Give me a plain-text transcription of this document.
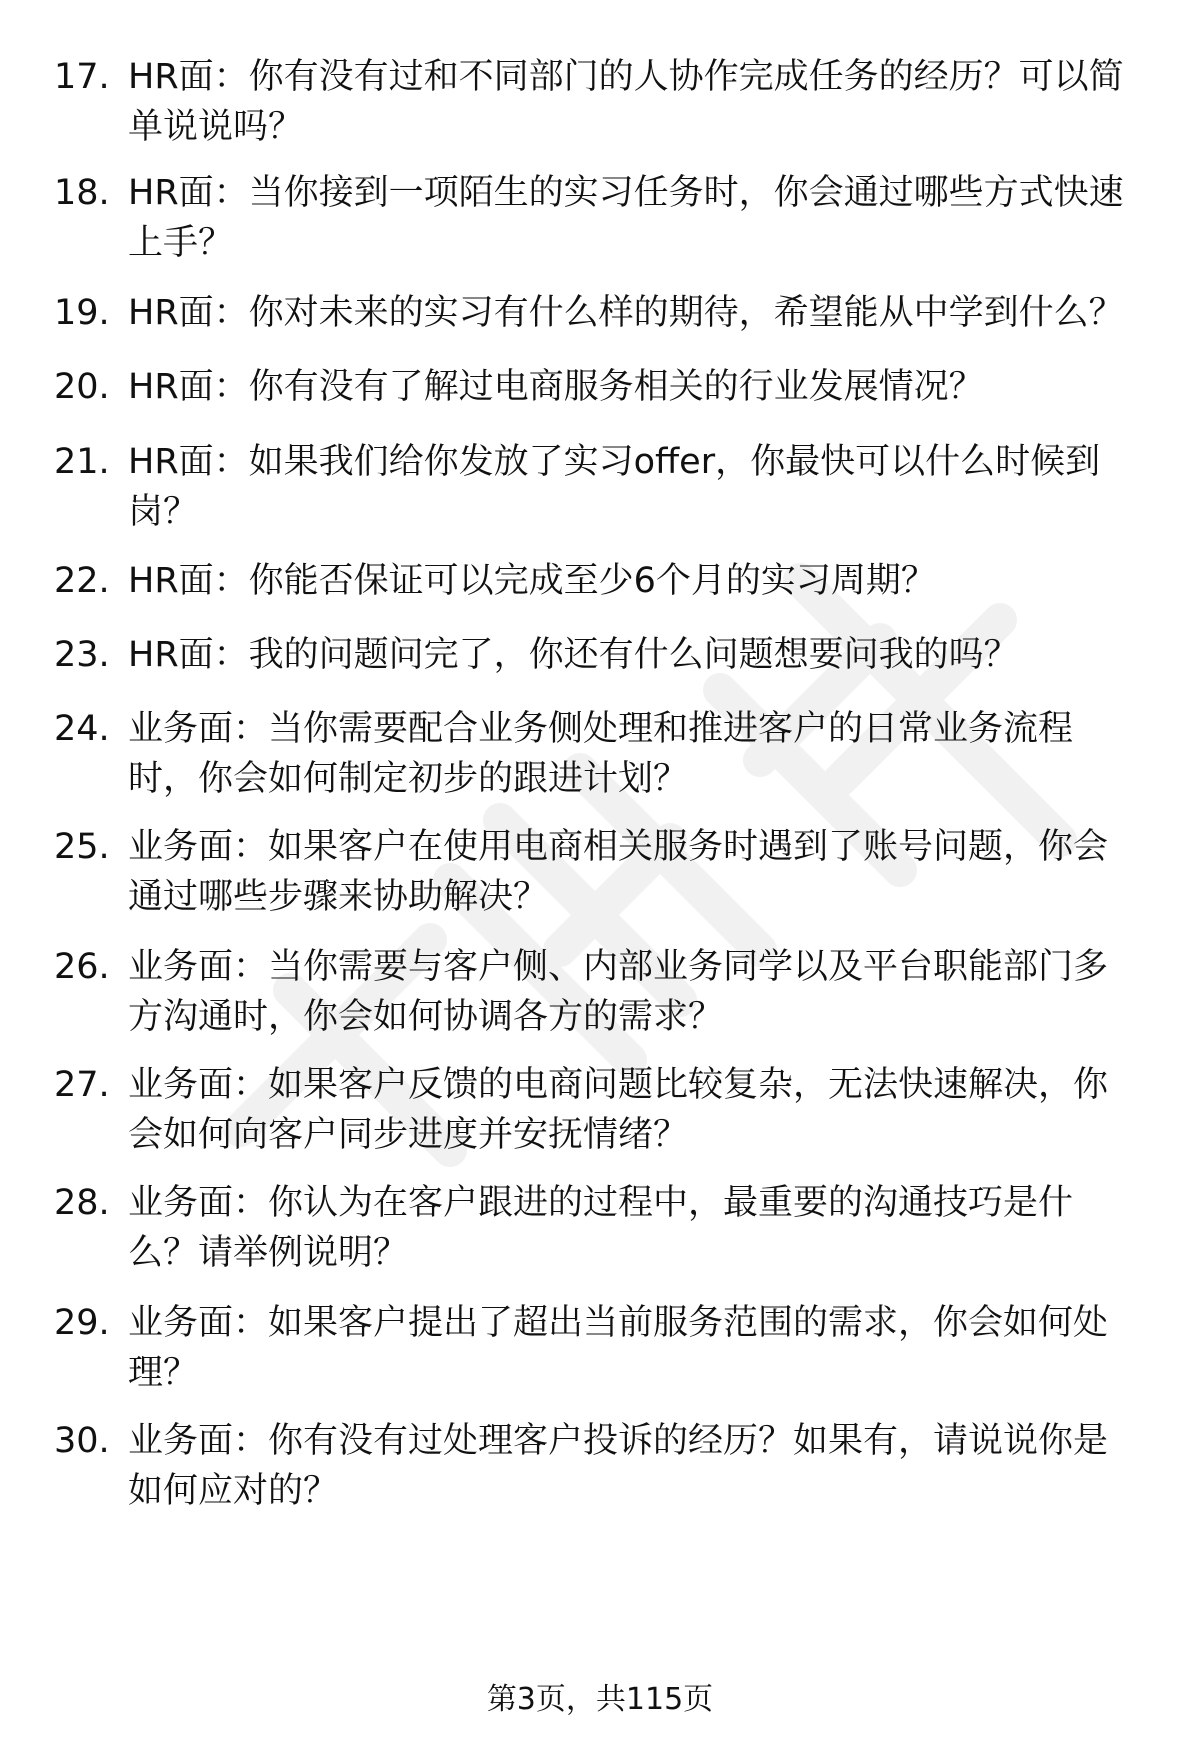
17. HR面：你有没有过和不同部门的人协作完成任务的经历？可以简单说说吗？
18. HR面：当你接到一项陌生的实习任务时，你会通过哪些方式快速上手？
19. HR面：你对未来的实习有什么样的期待，希望能从中学到什么？
20. HR面：你有没有了解过电商服务相关的行业发展情况？
21. HR面：如果我们给你发放了实习offer，你最快可以什么时候到岗？
22. HR面：你能否保证可以完成至少6个月的实习周期？
23. HR面：我的问题问完了，你还有什么问题想要问我的吗？
24. 业务面：当你需要配合业务侧处理和推进客户的日常业务流程时，你会如何制定初步的跟进计划？
25. 业务面：如果客户在使用电商相关服务时遇到了账号问题，你会通过哪些步骤来协助解决？
26. 业务面：当你需要与客户侧、内部业务同学以及平台职能部门多方沟通时，你会如何协调各方的需求？
27. 业务面：如果客户反馈的电商问题比较复杂，无法快速解决，你会如何向客户同步进度并安抚情绪？
28. 业务面：你认为在客户跟进的过程中，最重要的沟通技巧是什么？请举例说明？
29. 业务面：如果客户提出了超出当前服务范围的需求，你会如何处理？
30. 业务面：你有没有过处理客户投诉的经历？如果有，请说说你是如何应对的？
第3页，共115页
